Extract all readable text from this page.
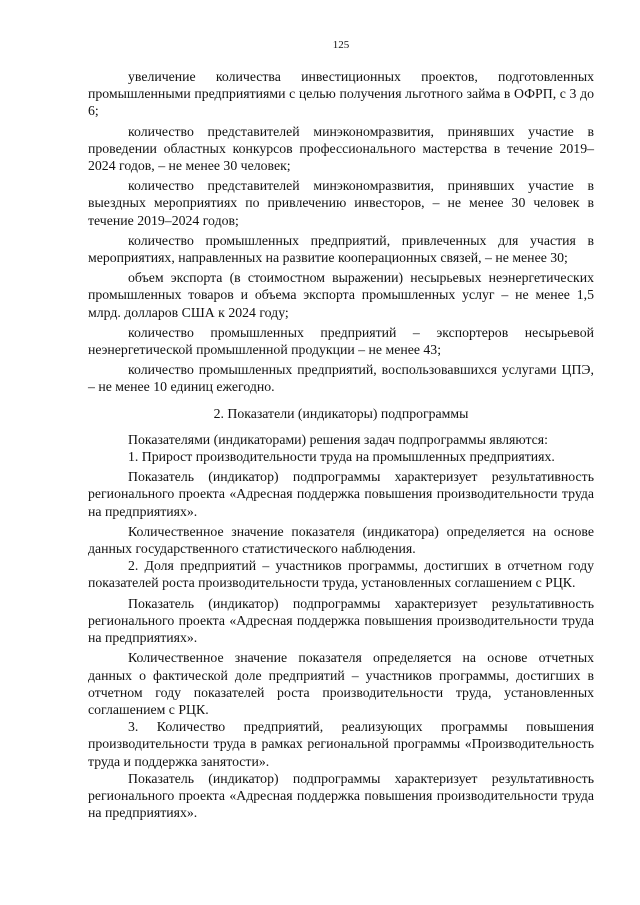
125

увеличение количества инвестиционных проектов, подготовленных промышленными предприятиями с целью получения льготного займа в ОФРП, с 3 до 6;

количество представителей минэкономразвития, принявших участие в проведении областных конкурсов профессионального мастерства в течение 2019–2024 годов, – не менее 30 человек;

количество представителей минэкономразвития, принявших участие в выездных мероприятиях по привлечению инвесторов, – не менее 30 человек в течение 2019–2024 годов;

количество промышленных предприятий, привлеченных для участия в мероприятиях, направленных на развитие кооперационных связей, – не менее 30;

объем экспорта (в стоимостном выражении) несырьевых неэнергетических промышленных товаров и объема экспорта промышленных услуг – не менее 1,5 млрд. долларов США к 2024 году;

количество промышленных предприятий – экспортеров несырьевой неэнергетической промышленной продукции – не менее 43;

количество промышленных предприятий, воспользовавшихся услугами ЦПЭ, – не менее 10 единиц ежегодно.

2. Показатели (индикаторы) подпрограммы

Показателями (индикаторами) решения задач подпрограммы являются:

1. Прирост производительности труда на промышленных предприятиях.

Показатель (индикатор) подпрограммы характеризует результативность регионального проекта «Адресная поддержка повышения производительности труда на предприятиях».

Количественное значение показателя (индикатора) определяется на основе данных государственного статистического наблюдения.

2. Доля предприятий – участников программы, достигших в отчетном году показателей роста производительности труда, установленных соглашением с РЦК.

Показатель (индикатор) подпрограммы характеризует результативность регионального проекта «Адресная поддержка повышения производительности труда на предприятиях».

Количественное значение показателя определяется на основе отчетных данных о фактической доле предприятий – участников программы, достигших в отчетном году показателей роста производительности труда, установленных соглашением с РЦК.

3. Количество предприятий, реализующих программы повышения производительности труда в рамках региональной программы «Производительность труда и поддержка занятости».

Показатель (индикатор) подпрограммы характеризует результативность регионального проекта «Адресная поддержка повышения производительности труда на предприятиях».
